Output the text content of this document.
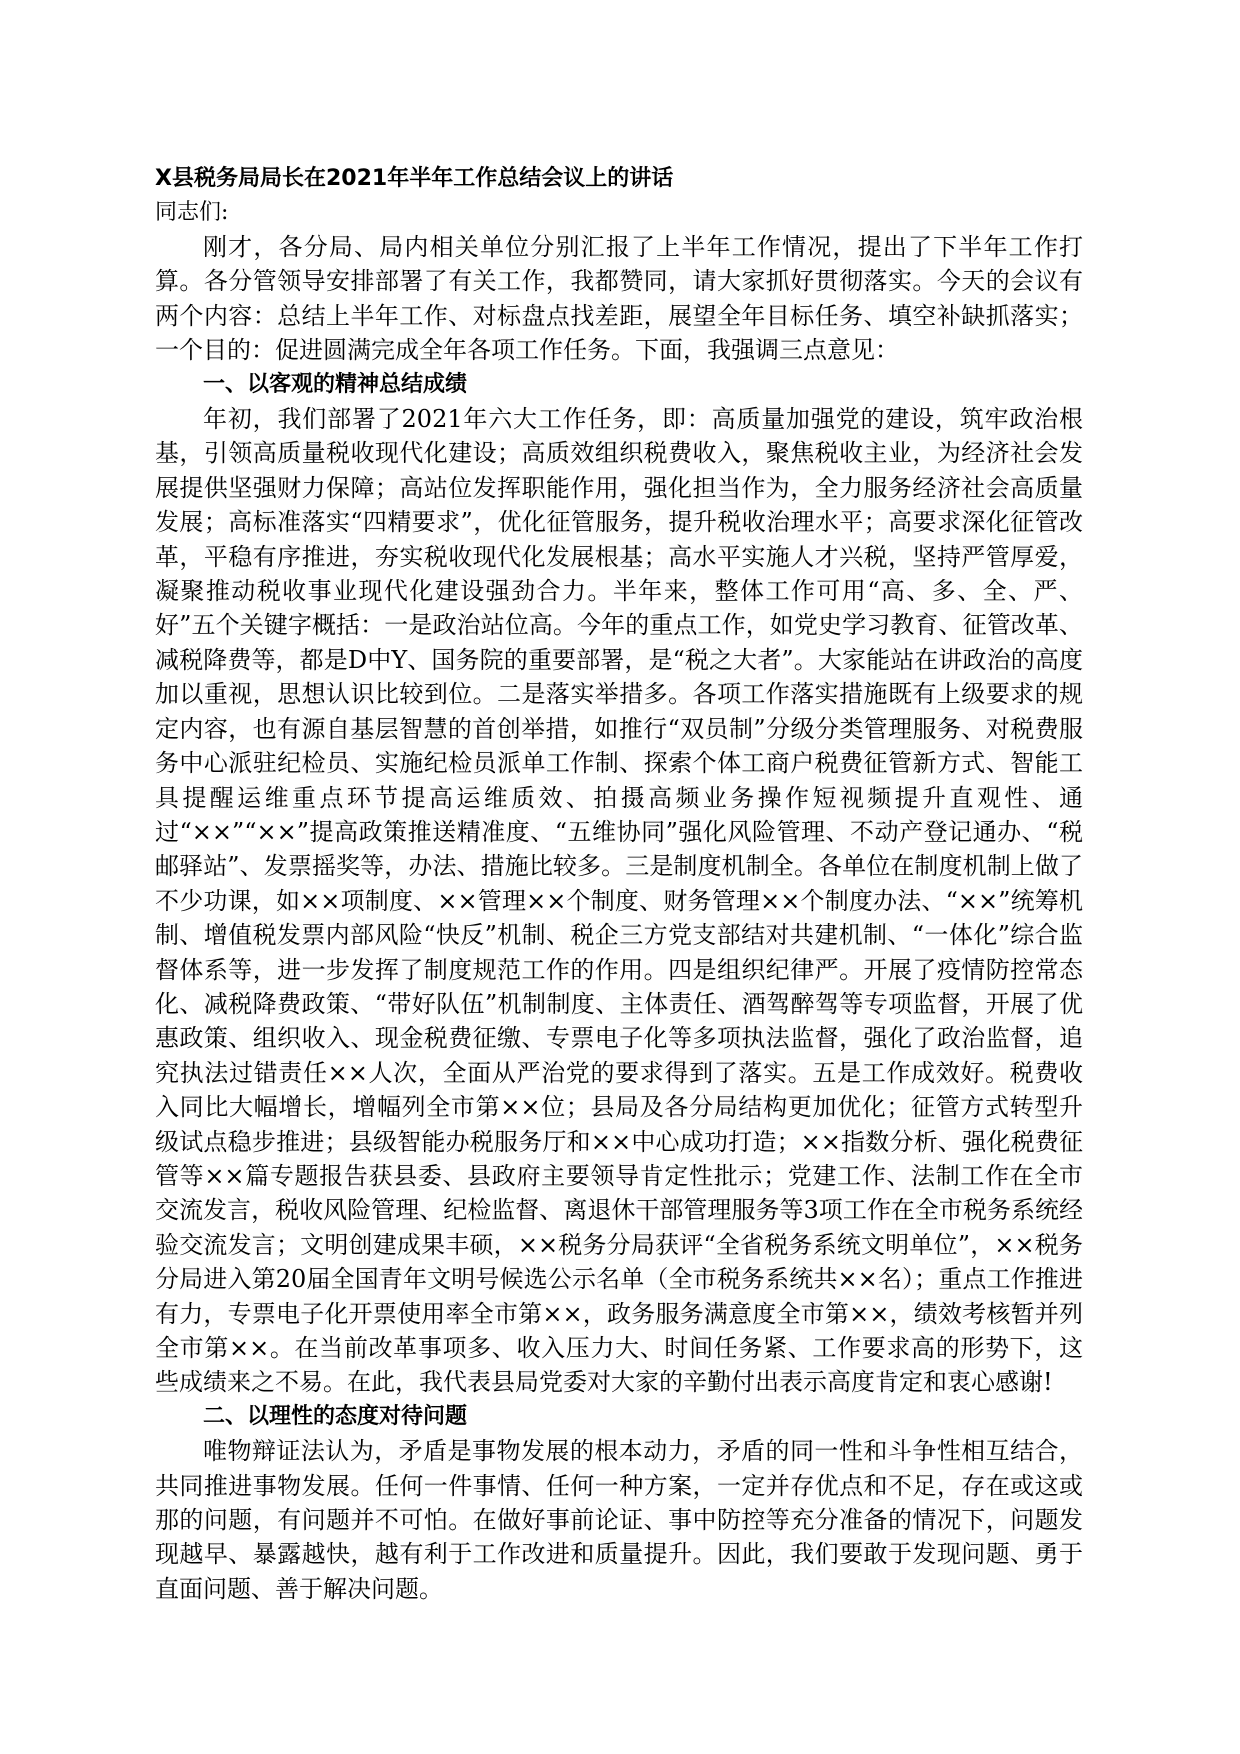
X县税务局局长在2021年半年工作总结会议上的讲话

同志们:

刚才，各分局、局内相关单位分别汇报了上半年工作情况，提出了下半年工作打算。各分管领导安排部署了有关工作，我都赞同，请大家抓好贯彻落实。今天的会议有两个内容：总结上半年工作、对标盘点找差距，展望全年目标任务、填空补缺抓落实；一个目的：促进圆满完成全年各项工作任务。下面，我强调三点意见：

一、以客观的精神总结成绩

年初，我们部署了2021年六大工作任务，即：高质量加强党的建设，筑牢政治根基，引领高质量税收现代化建设；高质效组织税费收入，聚焦税收主业，为经济社会发展提供坚强财力保障；高站位发挥职能作用，强化担当作为，全力服务经济社会高质量发展；高标准落实“四精要求”，优化征管服务，提升税收治理水平；高要求深化征管改革，平稳有序推进，夯实税收现代化发展根基；高水平实施人才兴税，坚持严管厚爱，凝聚推动税收事业现代化建设强劲合力。半年来，整体工作可用“高、多、全、严、好”五个关键字概括：一是政治站位高。今年的重点工作，如党史学习教育、征管改革、减税降费等，都是D中Y、国务院的重要部署，是“税之大者”。大家能站在讲政治的高度加以重视，思想认识比较到位。二是落实举措多。各项工作落实措施既有上级要求的规定内容，也有源自基层智慧的首创举措，如推行“双员制”分级分类管理服务、对税费服务中心派驻纪检员、实施纪检员派单工作制、探索个体工商户税费征管新方式、智能工具提醒运维重点环节提高运维质效、拍摄高频业务操作短视频提升直观性、通过“××”“××”提高政策推送精准度、“五维协同”强化风险管理、不动产登记通办、“税邮驿站”、发票摇奖等，办法、措施比较多。三是制度机制全。各单位在制度机制上做了不少功课，如××项制度、××管理××个制度、财务管理××个制度办法、“××”统筹机制、增值税发票内部风险“快反”机制、税企三方党支部结对共建机制、“一体化”综合监督体系等，进一步发挥了制度规范工作的作用。四是组织纪律严。开展了疫情防控常态化、减税降费政策、“带好队伍”机制制度、主体责任、酒驾醉驾等专项监督，开展了优惠政策、组织收入、现金税费征缴、专票电子化等多项执法监督，强化了政治监督，追究执法过错责任××人次，全面从严治党的要求得到了落实。五是工作成效好。税费收入同比大幅增长，增幅列全市第××位；县局及各分局结构更加优化；征管方式转型升级试点稳步推进；县级智能办税服务厅和××中心成功打造；××指数分析、强化税费征管等××篇专题报告获县委、县政府主要领导肯定性批示；党建工作、法制工作在全市交流发言，税收风险管理、纪检监督、离退休干部管理服务等3项工作在全市税务系统经验交流发言；文明创建成果丰硕，××税务分局获评“全省税务系统文明单位”，××税务分局进入第20届全国青年文明号候选公示名单（全市税务系统共××名）；重点工作推进有力，专票电子化开票使用率全市第××，政务服务满意度全市第××，绩效考核暂并列全市第××。在当前改革事项多、收入压力大、时间任务紧、工作要求高的形势下，这些成绩来之不易。在此，我代表县局党委对大家的辛勤付出表示高度肯定和衷心感谢!

二、以理性的态度对待问题

唯物辩证法认为，矛盾是事物发展的根本动力，矛盾的同一性和斗争性相互结合，共同推进事物发展。任何一件事情、任何一种方案，一定并存优点和不足，存在或这或那的问题，有问题并不可怕。在做好事前论证、事中防控等充分准备的情况下，问题发现越早、暴露越快，越有利于工作改进和质量提升。因此，我们要敢于发现问题、勇于直面问题、善于解决问题。
